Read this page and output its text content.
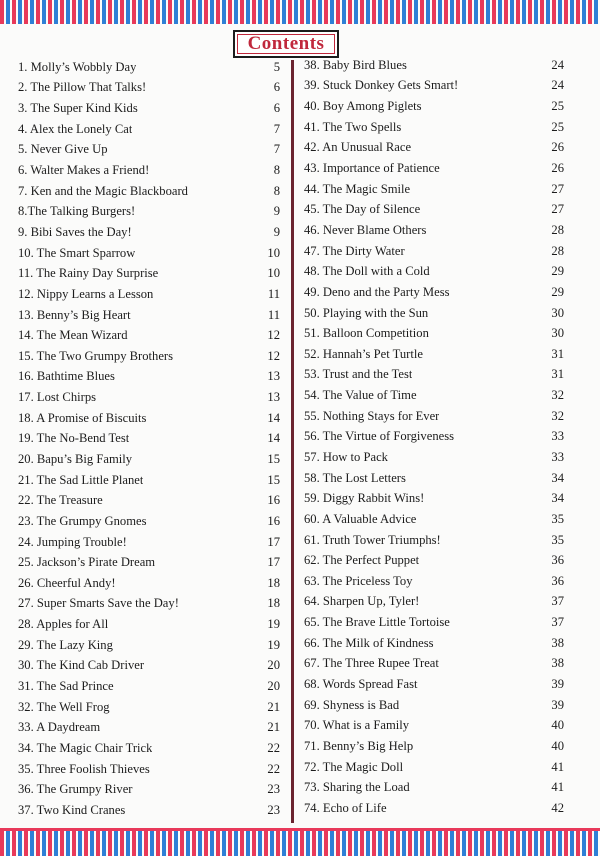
Contents
1. Molly’s Wobbly Day	5
2. The Pillow That Talks!	6
3. The Super Kind Kids	6
4. Alex the Lonely Cat	7
5. Never Give Up	7
6. Walter Makes a Friend!	8
7. Ken and the Magic Blackboard	8
8.The Talking Burgers!	9
9. Bibi Saves the Day!	9
10. The Smart Sparrow	10
11. The Rainy Day Surprise	10
12. Nippy Learns a Lesson	11
13. Benny’s Big Heart	11
14. The Mean Wizard	12
15. The Two Grumpy Brothers	12
16. Bathtime Blues	13
17. Lost Chirps	13
18. A Promise of Biscuits	14
19. The No-Bend Test	14
20. Bapu’s Big Family	15
21. The Sad Little Planet	15
22. The Treasure	16
23. The Grumpy Gnomes	16
24. Jumping Trouble!	17
25. Jackson’s Pirate Dream	17
26. Cheerful Andy!	18
27. Super Smarts Save the Day!	18
28. Apples for All	19
29. The Lazy King	19
30. The Kind Cab Driver	20
31. The Sad Prince	20
32. The Well Frog	21
33. A Daydream	21
34. The Magic Chair Trick	22
35. Three Foolish Thieves	22
36. The Grumpy River	23
37. Two Kind Cranes	23
38. Baby Bird Blues	24
39. Stuck Donkey Gets Smart!	24
40. Boy Among Piglets	25
41. The Two Spells	25
42. An Unusual Race	26
43. Importance of Patience	26
44. The Magic Smile	27
45. The Day of Silence	27
46. Never Blame Others	28
47. The Dirty Water	28
48. The Doll with a Cold	29
49. Deno and the Party Mess	29
50. Playing with the Sun	30
51. Balloon Competition	30
52. Hannah’s Pet Turtle	31
53. Trust and the Test	31
54. The Value of Time	32
55. Nothing Stays for Ever	32
56. The Virtue of Forgiveness	33
57. How to Pack	33
58. The Lost Letters	34
59. Diggy Rabbit Wins!	34
60. A Valuable Advice	35
61. Truth Tower Triumphs!	35
62. The Perfect Puppet	36
63. The Priceless Toy	36
64. Sharpen Up, Tyler!	37
65. The Brave Little Tortoise	37
66. The Milk of Kindness	38
67. The Three Rupee Treat	38
68. Words Spread Fast	39
69. Shyness is Bad	39
70. What is a Family	40
71. Benny’s Big Help	40
72. The Magic Doll	41
73. Sharing the Load	41
74. Echo of Life	42
